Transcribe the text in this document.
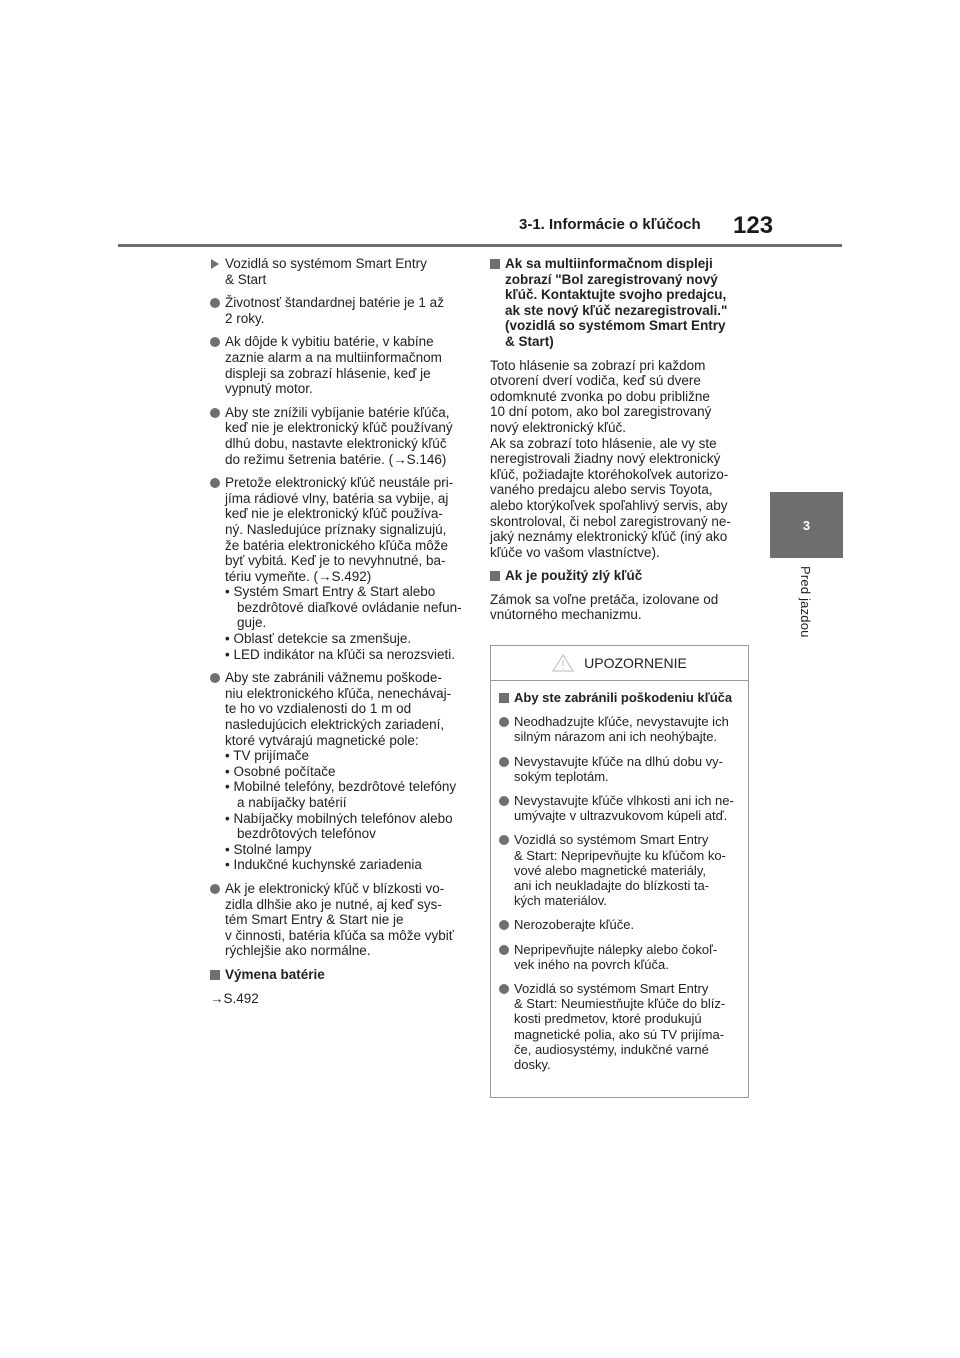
3-1. Informácie o kľúčoch 123
3
Pred jazdou
Vozidlá so systémom Smart Entry
& Start
Životnosť štandardnej batérie je 1 až
2 roky.
Ak dôjde k vybitiu batérie, v kabíne
zaznie alarm a na multiinformačnom
displeji sa zobrazí hlásenie, keď je
vypnutý motor.
Aby ste znížili vybíjanie batérie kľúča,
keď nie je elektronický kľúč používaný
dlhú dobu, nastavte elektronický kľúč
do režimu šetrenia batérie. (→S.146)
Pretože elektronický kľúč neustále pri-
jíma rádiové vlny, batéria sa vybije, aj
keď nie je elektronický kľúč používa-
ný. Nasledujúce príznaky signalizujú,
že batéria elektronického kľúča môže
byť vybitá. Keď je to nevyhnutné, ba-
tériu vymeňte. (→S.492)
• Systém Smart Entry & Start alebo
bezdrôtové diaľkové ovládanie nefun-
guje.
• Oblasť detekcie sa zmenšuje.
• LED indikátor na kľúči sa nerozsvieti.
Aby ste zabránili vážnemu poškode-
niu elektronického kľúča, nenechávaj-
te ho vo vzdialenosti do 1 m od
nasledujúcich elektrických zariadení,
ktoré vytvárajú magnetické pole:
• TV prijímače
• Osobné počítače
• Mobilné telefóny, bezdrôtové telefóny
a nabíjačky batérií
• Nabíjačky mobilných telefónov alebo
bezdrôtových telefónov
• Stolné lampy
• Indukčné kuchynské zariadenia
Ak je elektronický kľúč v blízkosti vo-
zidla dlhšie ako je nutné, aj keď sys-
tém Smart Entry & Start nie je
v činnosti, batéria kľúča sa môže vybiť
rýchlejšie ako normálne.
Výmena batérie
→S.492
Ak sa multiinformačnom displeji
zobrazí "Bol zaregistrovaný nový
kľúč. Kontaktujte svojho predajcu,
ak ste nový kľúč nezaregistrovali."
(vozidlá so systémom Smart Entry
& Start)
Toto hlásenie sa zobrazí pri každom
otvorení dverí vodiča, keď sú dvere
odomknuté zvonka po dobu približne
10 dní potom, ako bol zaregistrovaný
nový elektronický kľúč.
Ak sa zobrazí toto hlásenie, ale vy ste
neregistrovali žiadny nový elektronický
kľúč, požiadajte ktoréhokoľvek autorizo-
vaného predajcu alebo servis Toyota,
alebo ktorýkoľvek spoľahlivý servis, aby
skontroloval, či nebol zaregistrovaný ne-
jaký neznámy elektronický kľúč (iný ako
kľúče vo vašom vlastníctve).
Ak je použitý zlý kľúč
Zámok sa voľne pretáča, izolovane od
vnútorného mechanizmu.
UPOZORNENIE
Aby ste zabránili poškodeniu kľúča
Neodhadzujte kľúče, nevystavujte ich
silným nárazom ani ich neohýbajte.
Nevystavujte kľúče na dlhú dobu vy-
sokým teplotám.
Nevystavujte kľúče vlhkosti ani ich ne-
umývajte v ultrazvukovom kúpeli atď.
Vozidlá so systémom Smart Entry
& Start: Nepripevňujte ku kľúčom ko-
vové alebo magnetické materiály,
ani ich neukladajte do blízkosti ta-
kých materiálov.
Nerozoberajte kľúče.
Nepripevňujte nálepky alebo čokoľ-
vek iného na povrch kľúča.
Vozidlá so systémom Smart Entry
& Start: Neumiestňujte kľúče do blíz-
kosti predmetov, ktoré produkujú
magnetické polia, ako sú TV prijíma-
če, audiosystémy, indukčné varné
dosky.
